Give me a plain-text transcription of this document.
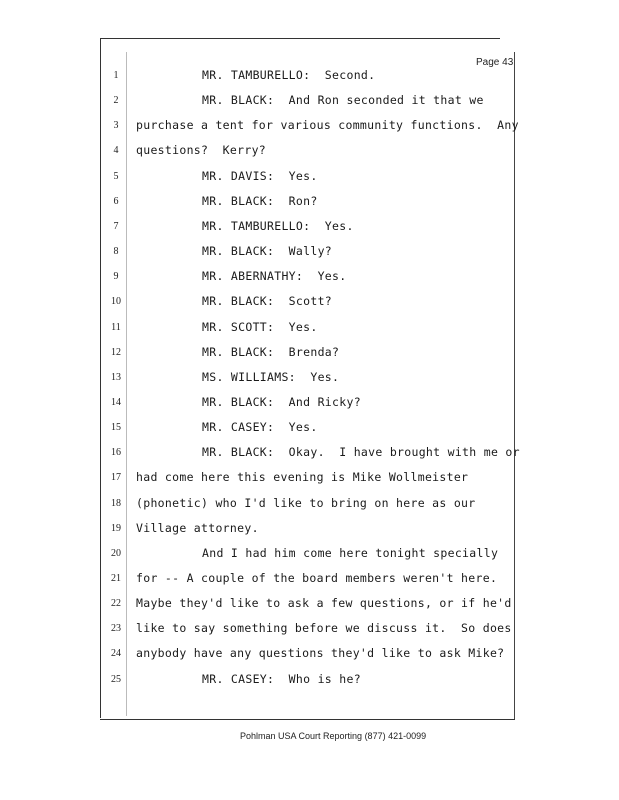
Page 43
1	MR. TAMBURELLO:  Second.
2	MR. BLACK:  And Ron seconded it that we
3	purchase a tent for various community functions.  Any
4	questions?  Kerry?
5	MR. DAVIS:  Yes.
6	MR. BLACK:  Ron?
7	MR. TAMBURELLO:  Yes.
8	MR. BLACK:  Wally?
9	MR. ABERNATHY:  Yes.
10	MR. BLACK:  Scott?
11	MR. SCOTT:  Yes.
12	MR. BLACK:  Brenda?
13	MS. WILLIAMS:  Yes.
14	MR. BLACK:  And Ricky?
15	MR. CASEY:  Yes.
16	MR. BLACK:  Okay.  I have brought with me or
17 had come here this evening is Mike Wollmeister
18 (phonetic) who I'd like to bring on here as our
19 Village attorney.
20	And I had him come here tonight specially
21 for -- A couple of the board members weren't here.
22 Maybe they'd like to ask a few questions, or if he'd
23 like to say something before we discuss it.  So does
24 anybody have any questions they'd like to ask Mike?
25	MR. CASEY:  Who is he?
Pohlman USA Court Reporting (877) 421-0099
